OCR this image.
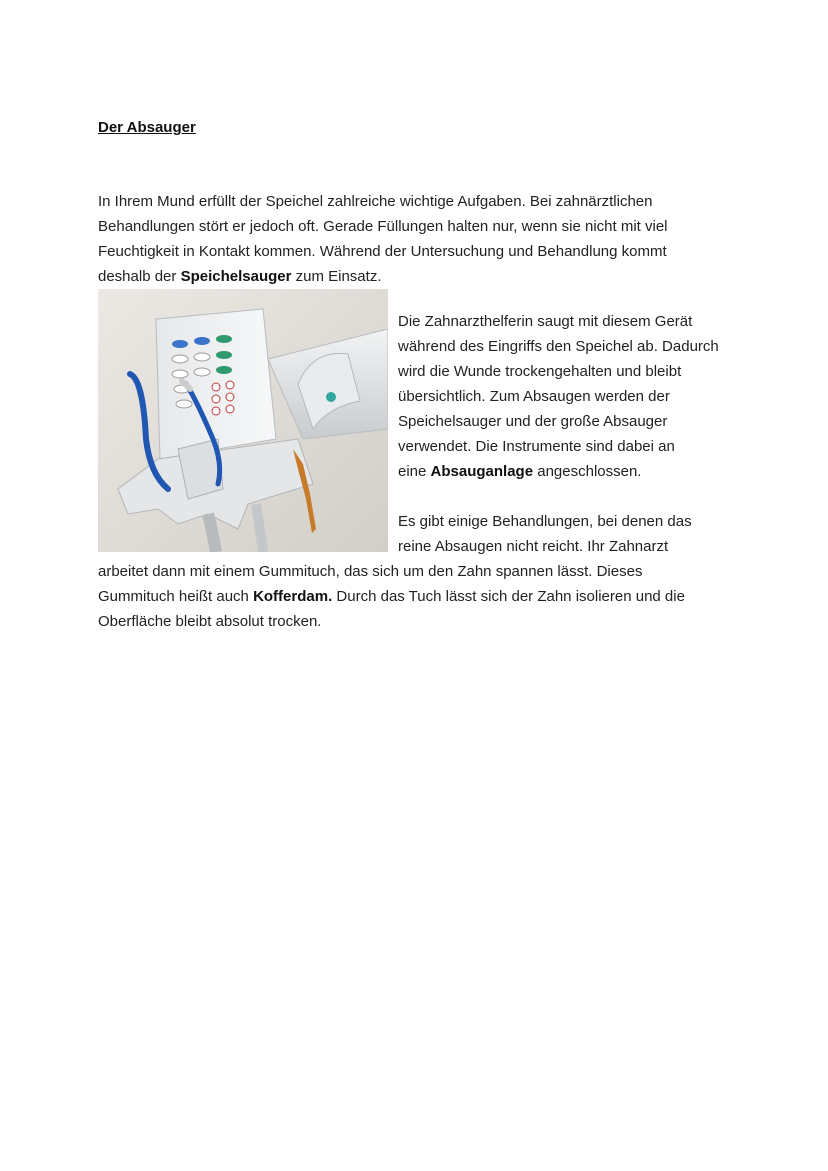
Der Absauger

In Ihrem Mund erfüllt der Speichel zahlreiche wichtige Aufgaben. Bei zahnärztlichen
Behandlungen stört er jedoch oft. Gerade Füllungen halten nur, wenn sie nicht mit viel
Feuchtigkeit in Kontakt kommen. Während der Untersuchung und Behandlung kommt
deshalb der Speichelsauger zum Einsatz.

Die Zahnarzthelferin saugt mit diesem Gerät
während des Eingriffs den Speichel ab. Dadurch
wird die Wunde trockengehalten und bleibt
übersichtlich. Zum Absaugen werden der
Speichelsauger und der große Absauger
verwendet. Die Instrumente sind dabei an
eine Absauganlage angeschlossen.

Es gibt einige Behandlungen, bei denen das
reine Absaugen nicht reicht. Ihr Zahnarzt
arbeitet dann mit einem Gummituch, das sich um den Zahn spannen lässt. Dieses
Gummituch heißt auch Kofferdam. Durch das Tuch lässt sich der Zahn isolieren und die
Oberfläche bleibt absolut trocken.
